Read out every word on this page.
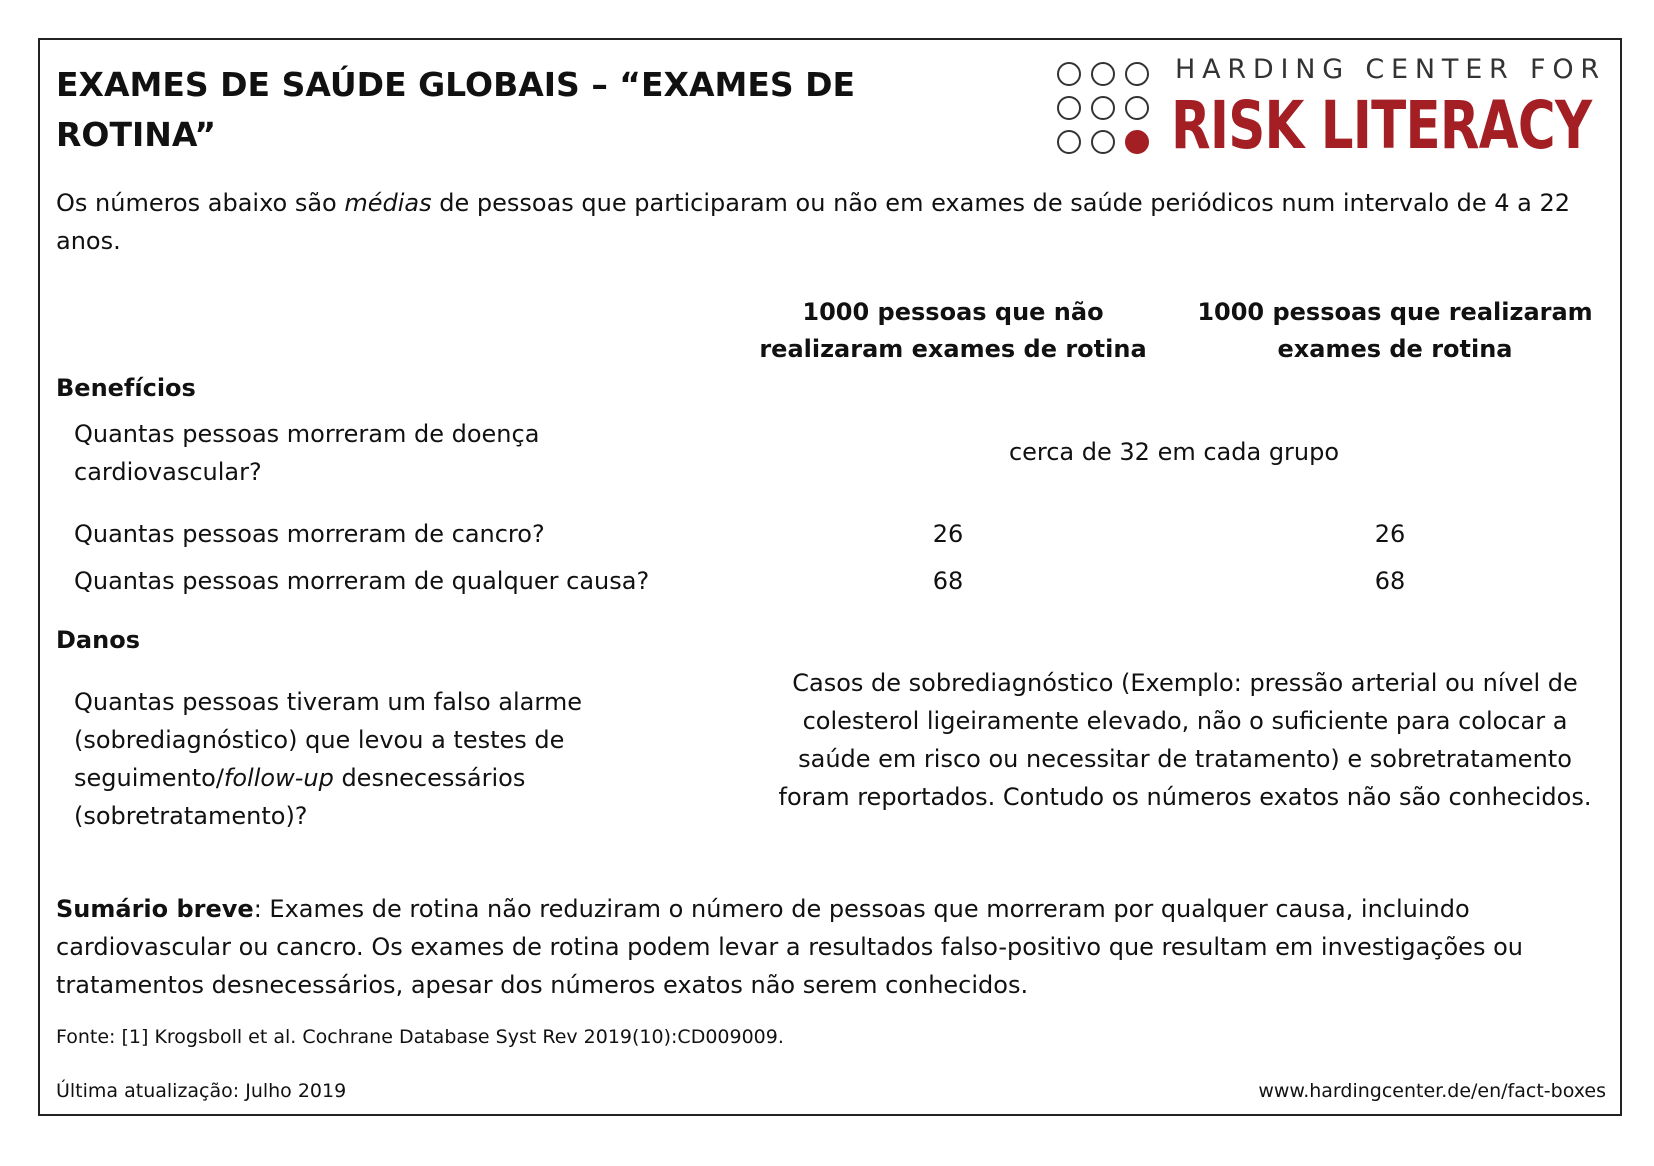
EXAMES DE SAÚDE GLOBAIS – “EXAMES DE ROTINA”
HARDING CENTER FOR
RISK LITERACY
Os números abaixo são médias de pessoas que participaram ou não em exames de saúde periódicos num intervalo de 4 a 22 anos.
1000 pessoas que não realizaram exames de rotina
1000 pessoas que realizaram exames de rotina
Benefícios
Quantas pessoas morreram de doença cardiovascular?
cerca de 32 em cada grupo
Quantas pessoas morreram de cancro?	26	26
Quantas pessoas morreram de qualquer causa?	68	68
Danos
Quantas pessoas tiveram um falso alarme (sobrediagnóstico) que levou a testes de seguimento/follow-up desnecessários (sobretratamento)?
Casos de sobrediagnóstico (Exemplo: pressão arterial ou nível de colesterol ligeiramente elevado, não o suficiente para colocar a saúde em risco ou necessitar de tratamento) e sobretratamento foram reportados. Contudo os números exatos não são conhecidos.
Sumário breve: Exames de rotina não reduziram o número de pessoas que morreram por qualquer causa, incluindo cardiovascular ou cancro. Os exames de rotina podem levar a resultados falso-positivo que resultam em investigações ou tratamentos desnecessários, apesar dos números exatos não serem conhecidos.
Fonte: [1] Krogsboll et al. Cochrane Database Syst Rev 2019(10):CD009009.
Última atualização: Julho 2019	www.hardingcenter.de/en/fact-boxes
